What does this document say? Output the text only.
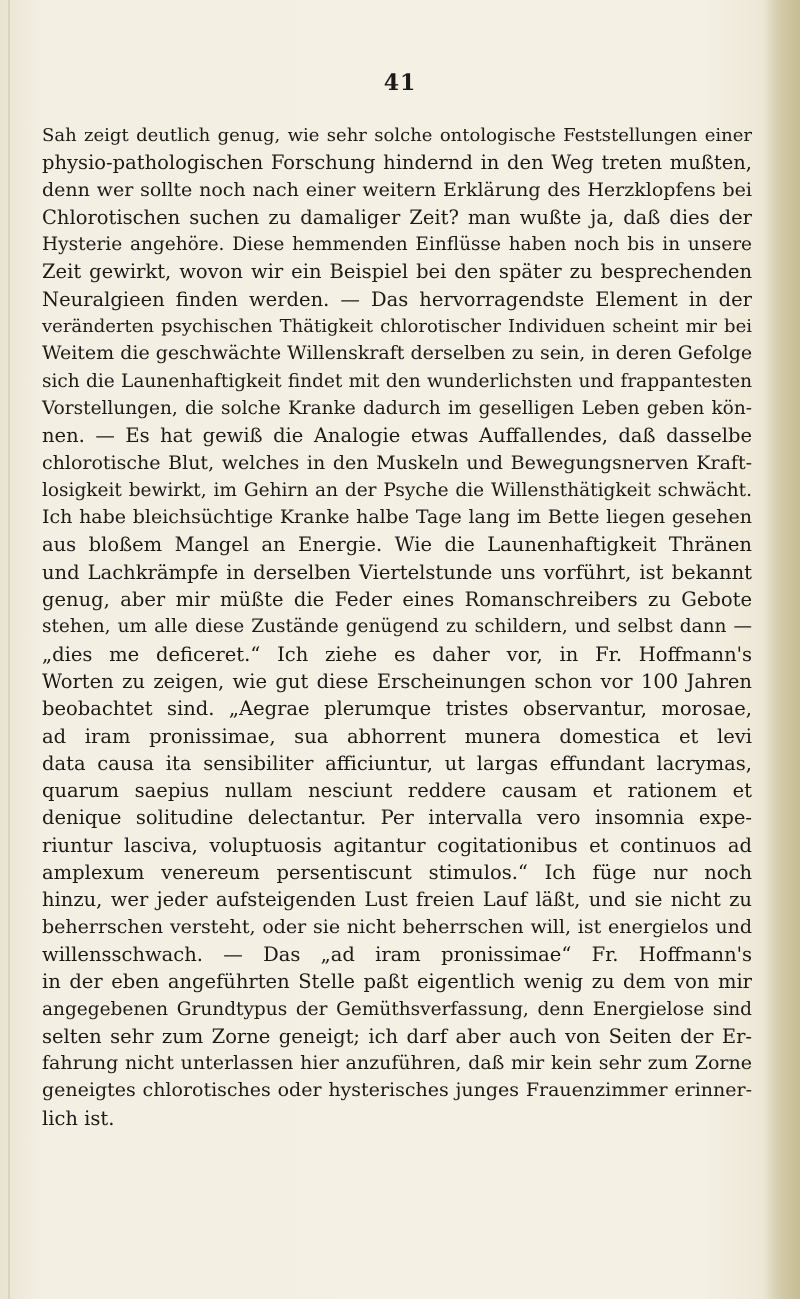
41
Sah zeigt deutlich genug, wie sehr solche ontologische Feststellungen einer
physio-pathologischen Forschung hindernd in den Weg treten mußten,
denn wer sollte noch nach einer weitern Erklärung des Herzklopfens bei
Chlorotischen suchen zu damaliger Zeit? man wußte ja, daß dies der
Hysterie angehöre. Diese hemmenden Einflüsse haben noch bis in unsere
Zeit gewirkt, wovon wir ein Beispiel bei den später zu besprechenden
Neuralgieen finden werden. — Das hervorragendste Element in der
veränderten psychischen Thätigkeit chlorotischer Individuen scheint mir bei
Weitem die geschwächte Willenskraft derselben zu sein, in deren Gefolge
sich die Launenhaftigkeit findet mit den wunderlichsten und frappantesten
Vorstellungen, die solche Kranke dadurch im geselligen Leben geben kön-
nen. — Es hat gewiß die Analogie etwas Auffallendes, daß dasselbe
chlorotische Blut, welches in den Muskeln und Bewegungsnerven Kraft-
losigkeit bewirkt, im Gehirn an der Psyche die Willensthätigkeit schwächt.
Ich habe bleichsüchtige Kranke halbe Tage lang im Bette liegen gesehen
aus bloßem Mangel an Energie. Wie die Launenhaftigkeit Thränen
und Lachkrämpfe in derselben Viertelstunde uns vorführt, ist bekannt
genug, aber mir müßte die Feder eines Romanschreibers zu Gebote
stehen, um alle diese Zustände genügend zu schildern, und selbst dann —
„dies me deficeret.“ Ich ziehe es daher vor, in Fr. Hoffmann's
Worten zu zeigen, wie gut diese Erscheinungen schon vor 100 Jahren
beobachtet sind. „Aegrae plerumque tristes observantur, morosae,
ad iram pronissimae, sua abhorrent munera domestica et levi
data causa ita sensibiliter afficiuntur, ut largas effundant lacrymas,
quarum saepius nullam nesciunt reddere causam et rationem et
denique solitudine delectantur. Per intervalla vero insomnia expe-
riuntur lasciva, voluptuosis agitantur cogitationibus et continuos ad
amplexum venereum persentiscunt stimulos.“ Ich füge nur noch
hinzu, wer jeder aufsteigenden Lust freien Lauf läßt, und sie nicht zu
beherrschen versteht, oder sie nicht beherrschen will, ist energielos und
willensschwach. — Das „ad iram pronissimae“ Fr. Hoffmann's
in der eben angeführten Stelle paßt eigentlich wenig zu dem von mir
angegebenen Grundtypus der Gemüthsverfassung, denn Energielose sind
selten sehr zum Zorne geneigt; ich darf aber auch von Seiten der Er-
fahrung nicht unterlassen hier anzuführen, daß mir kein sehr zum Zorne
geneigtes chlorotisches oder hysterisches junges Frauenzimmer erinner-
lich ist.
